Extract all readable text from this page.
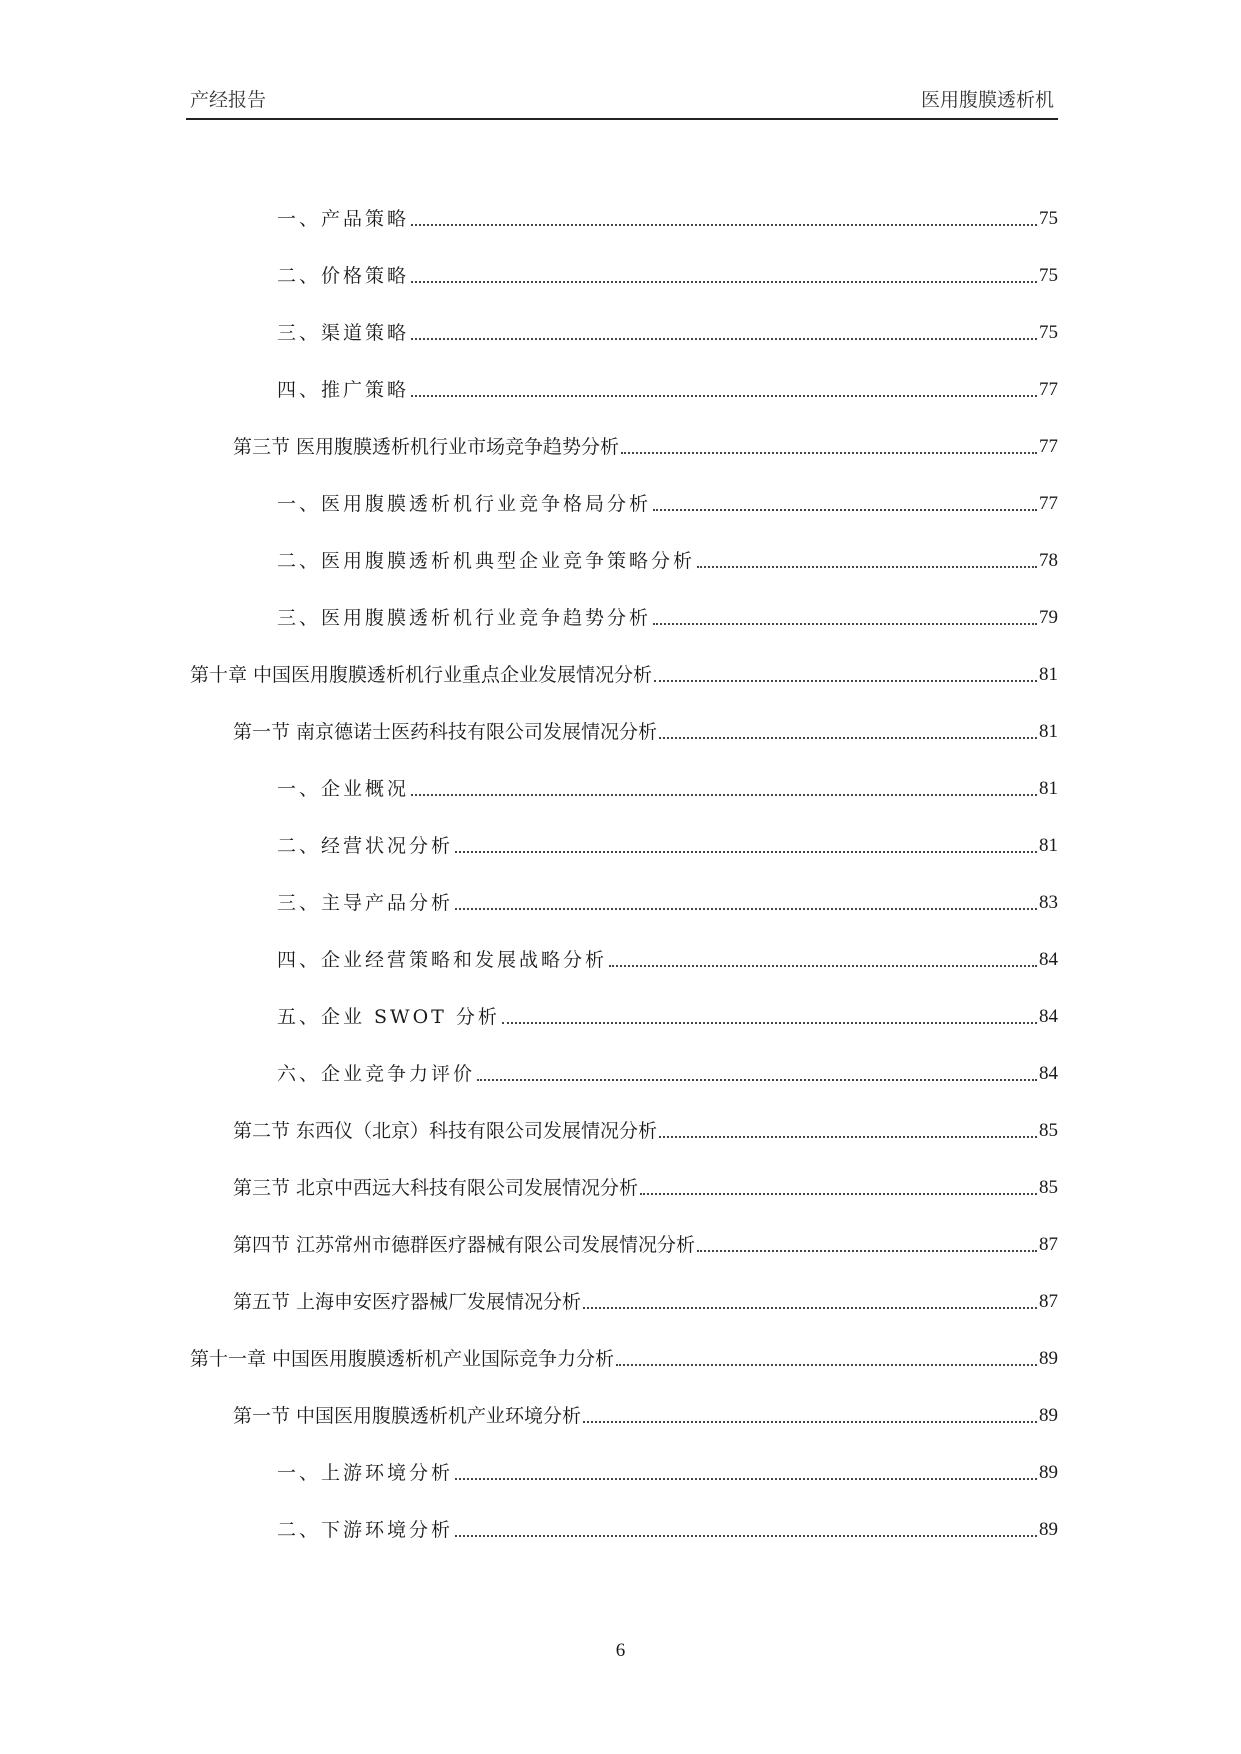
产经报告	医用腹膜透析机
一、产品策略	75
二、价格策略	75
三、渠道策略	75
四、推广策略	77
第三节 医用腹膜透析机行业市场竞争趋势分析	77
一、医用腹膜透析机行业竞争格局分析	77
二、医用腹膜透析机典型企业竞争策略分析	78
三、医用腹膜透析机行业竞争趋势分析	79
第十章 中国医用腹膜透析机行业重点企业发展情况分析	81
第一节 南京德诺士医药科技有限公司发展情况分析	81
一、企业概况	81
二、经营状况分析	81
三、主导产品分析	83
四、企业经营策略和发展战略分析	84
五、企业 SWOT 分析	84
六、企业竞争力评价	84
第二节 东西仪（北京）科技有限公司发展情况分析	85
第三节 北京中西远大科技有限公司发展情况分析	85
第四节 江苏常州市德群医疗器械有限公司发展情况分析	87
第五节 上海申安医疗器械厂发展情况分析	87
第十一章 中国医用腹膜透析机产业国际竞争力分析	89
第一节 中国医用腹膜透析机产业环境分析	89
一、上游环境分析	89
二、下游环境分析	89
6
